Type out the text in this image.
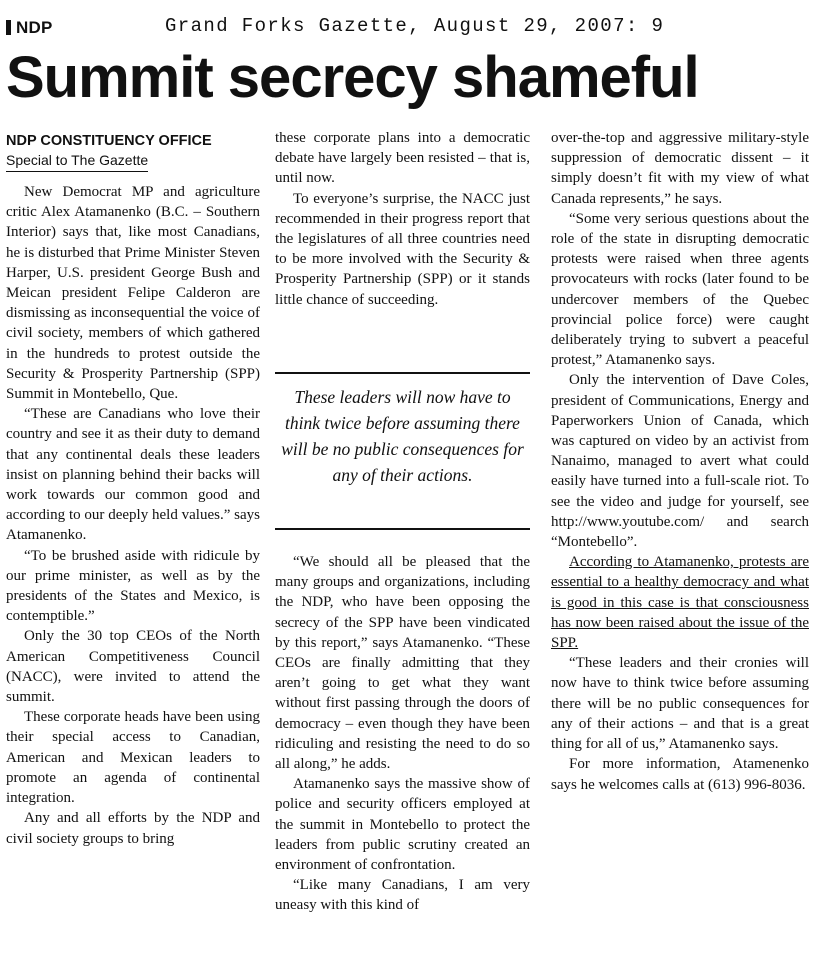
NDP	Grand Forks Gazette, August 29, 2007: 9
Summit secrecy shameful
NDP CONSTITUENCY OFFICE
Special to The Gazette

New Democrat MP and agriculture critic Alex Atamanenko (B.C. – Southern Interior) says that, like most Canadians, he is disturbed that Prime Minister Steven Harper, U.S. president George Bush and Meican president Felipe Calderon are dismissing as inconsequential the voice of civil society, members of which gathered in the hundreds to protest outside the Security & Prosperity Partnership (SPP) Summit in Montebello, Que.

“These are Canadians who love their country and see it as their duty to demand that any continental deals these leaders insist on planning behind their backs will work towards our common good and according to our deeply held values.” says Atamanenko.

“To be brushed aside with ridicule by our prime minister, as well as by the presidents of the States and Mexico, is contemptible.”

Only the 30 top CEOs of the North American Competitiveness Council (NACC), were invited to attend the summit.

These corporate heads have been using their special access to Canadian, American and Mexican leaders to promote an agenda of continental integration.

Any and all efforts by the NDP and civil society groups to bring

these corporate plans into a democratic debate have largely been resisted – that is, until now.

To everyone’s surprise, the NACC just recommended in their progress report that the legislatures of all three countries need to be more involved with the Security & Prosperity Partnership (SPP) or it stands little chance of succeeding.

These leaders will now have to think twice before assuming there will be no public consequences for any of their actions.

“We should all be pleased that the many groups and organizations, including the NDP, who have been opposing the secrecy of the SPP have been vindicated by this report,” says Atamanenko. “These CEOs are finally admitting that they aren’t going to get what they want without first passing through the doors of democracy – even though they have been ridiculing and resisting the need to do so all along,” he adds.

Atamanenko says the massive show of police and security officers employed at the summit in Montebello to protect the leaders from public scrutiny created an environment of confrontation.

“Like many Canadians, I am very uneasy with this kind of

over-the-top and aggressive military-style suppression of democratic dissent – it simply doesn’t fit with my view of what Canada represents,” he says.

“Some very serious questions about the role of the state in disrupting democratic protests were raised when three agents provocateurs with rocks (later found to be undercover members of the Quebec provincial police force) were caught deliberately trying to subvert a peaceful protest,” Atamanenko says.

Only the intervention of Dave Coles, president of Communications, Energy and Paperworkers Union of Canada, which was captured on video by an activist from Nanaimo, managed to avert what could easily have turned into a full-scale riot. To see the video and judge for yourself, see http://www.youtube.com/ and search “Montebello”.

According to Atamanenko, protests are essential to a healthy democracy and what is good in this case is that consciousness has now been raised about the issue of the SPP.

“These leaders and their cronies will now have to think twice before assuming there will be no public consequences for any of their actions – and that is a great thing for all of us,” Atamanenko says.

For more information, Atamenenko says he welcomes calls at (613) 996-8036.
